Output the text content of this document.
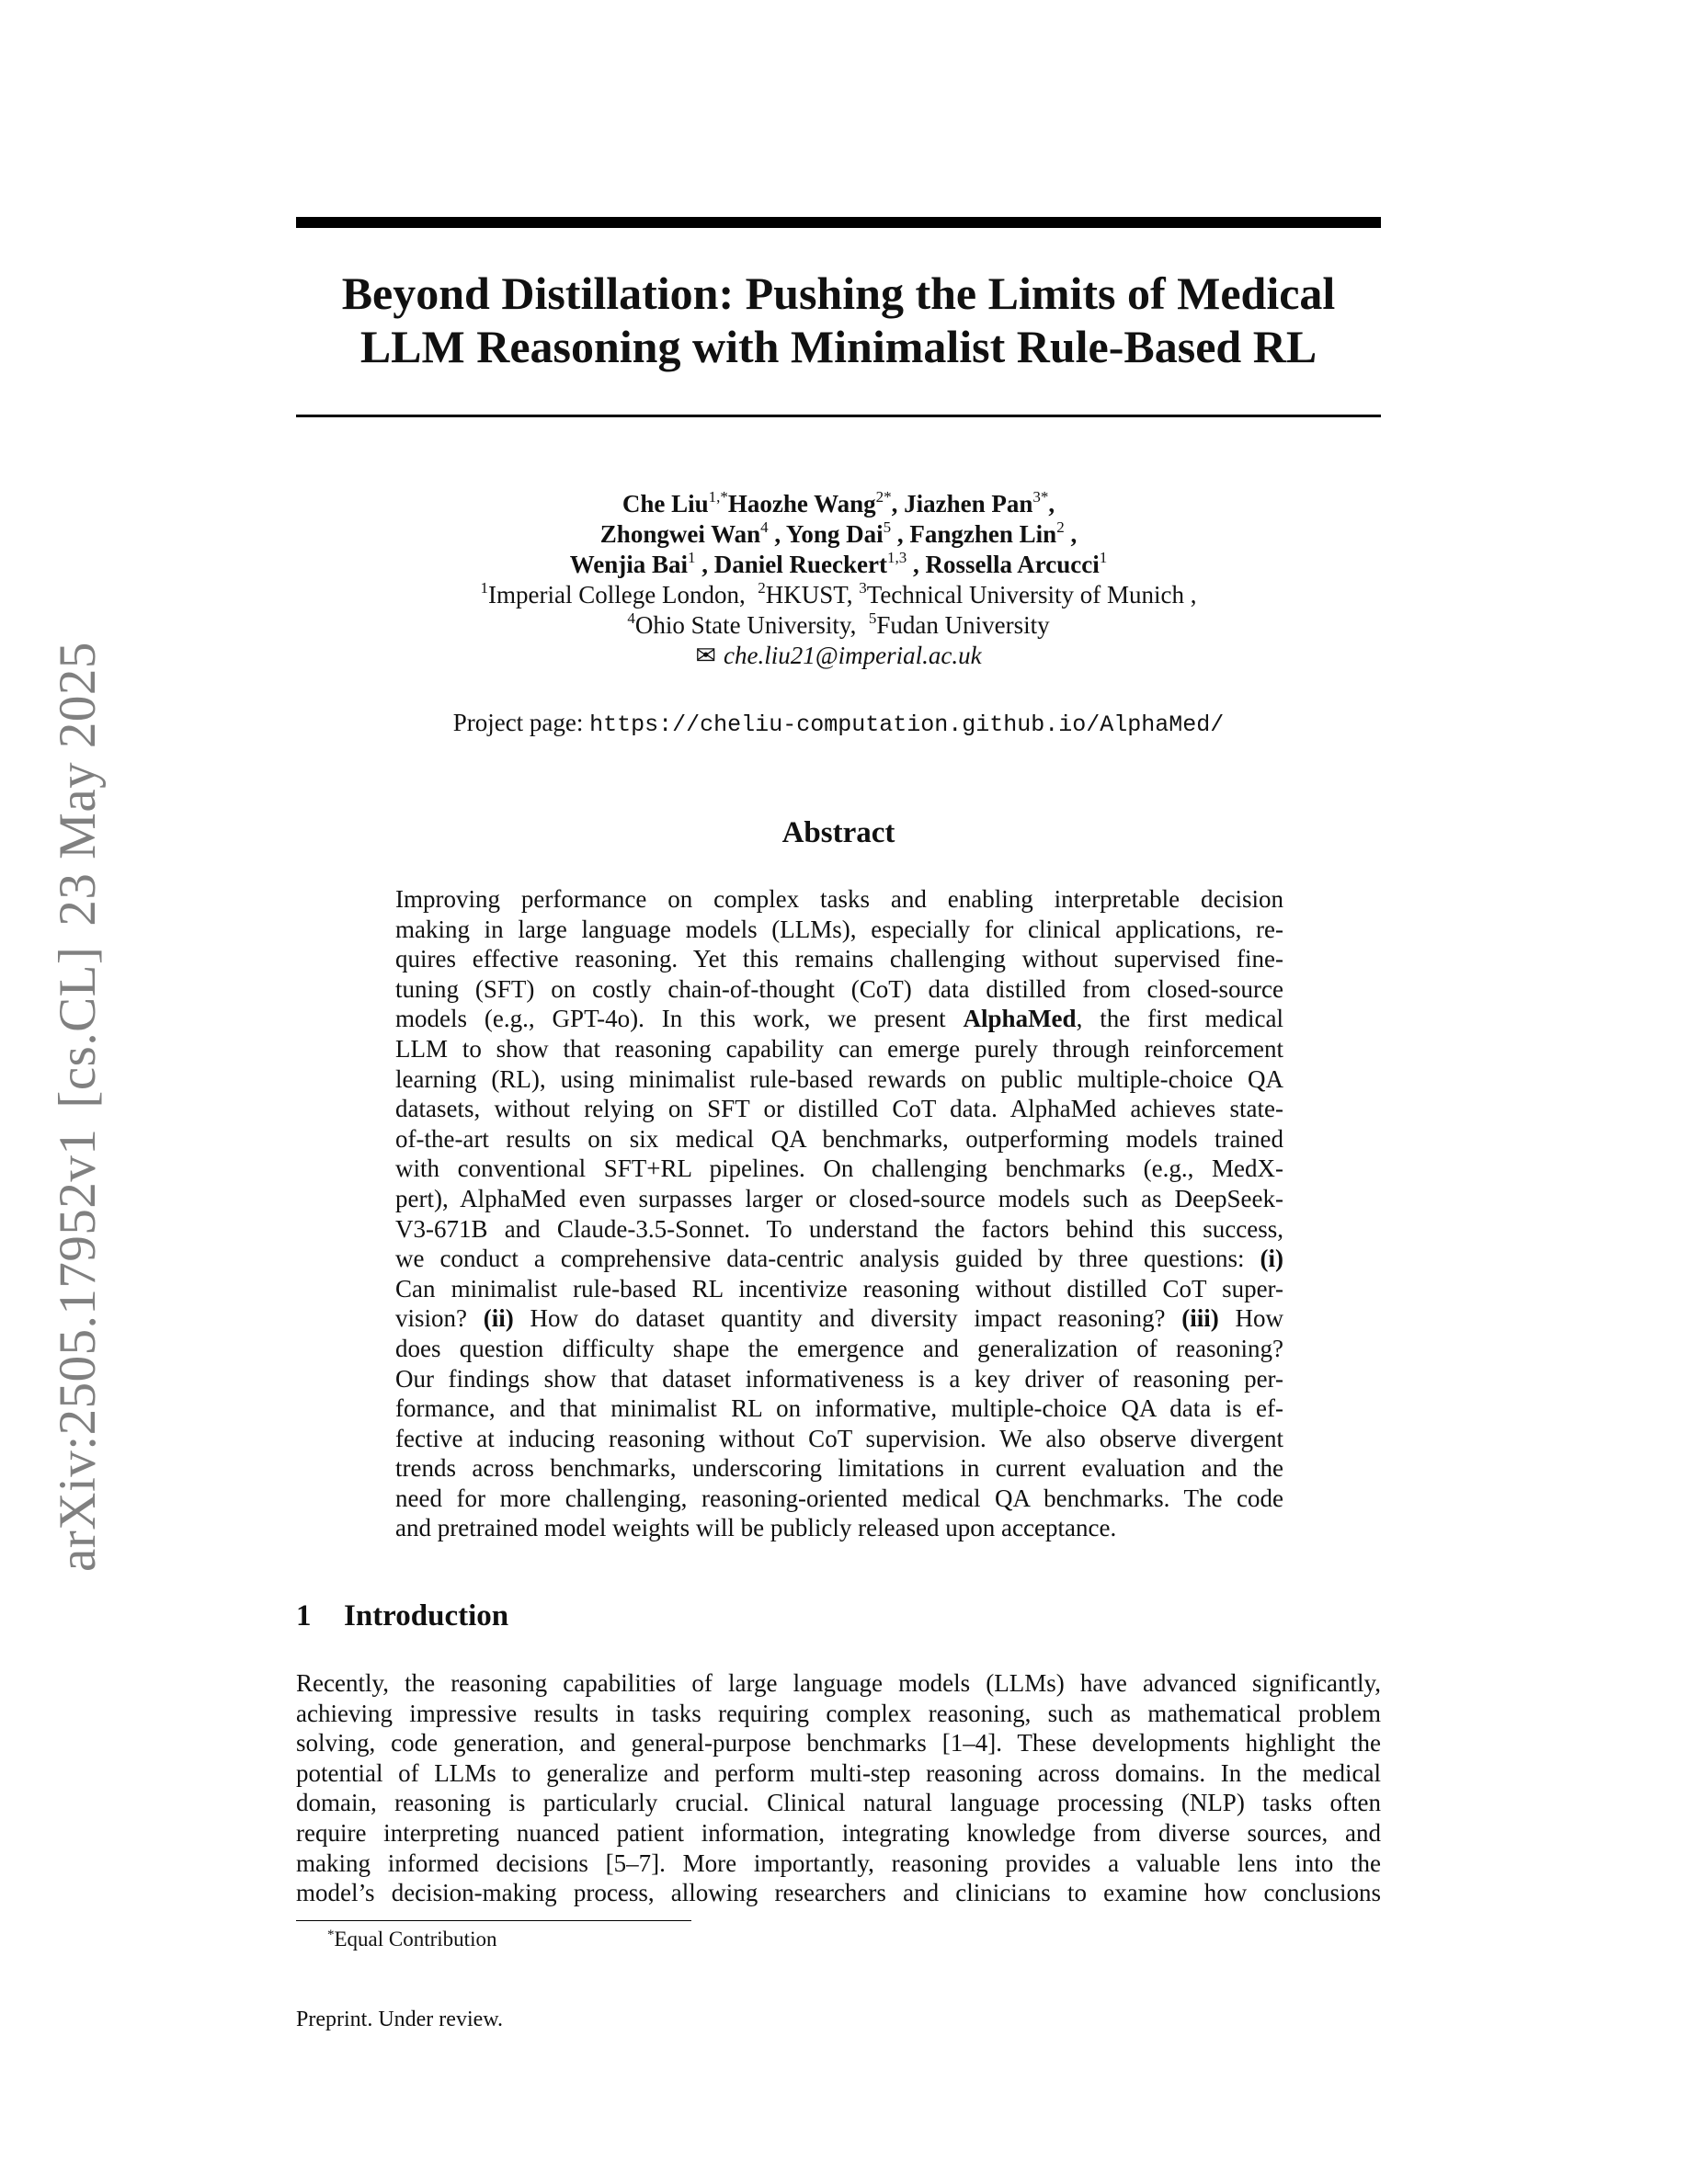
arXiv:2505.17952v1[cs.CL]23 May 2025
Beyond Distillation: Pushing the Limits of Medical
LLM Reasoning with Minimalist Rule-Based RL
Che Liu$^{1,*}$Haozhe Wang$^{2*}$, Jiazhen Pan$^{3*}$,
Zhongwei Wan$^4$ , Yong Dai$^5$ , Fangzhen Lin$^2$ ,
Wenjia Bai$^1$ , Daniel Rueckert$^{1,3}$ , Rossella Arcucci$^1$
$^1$Imperial College London, $^2$HKUST, $^3$Technical University of Munich ,
$^4$Ohio State University, $^5$Fudan University
✉ che.liu21@imperial.ac.uk
Project page: https://cheliu-computation.github.io/AlphaMed/
Abstract
Improving performance on complex tasks and enabling interpretable decision
making in large language models (LLMs), especially for clinical applications, re-
quires effective reasoning. Yet this remains challenging without supervised fine-
tuning (SFT) on costly chain-of-thought (CoT) data distilled from closed-source
models (e.g., GPT-4o). In this work, we present AlphaMed, the first medical
LLM to show that reasoning capability can emerge purely through reinforcement
learning (RL), using minimalist rule-based rewards on public multiple-choice QA
datasets, without relying on SFT or distilled CoT data. AlphaMed achieves state-
of-the-art results on six medical QA benchmarks, outperforming models trained
with conventional SFT+RL pipelines. On challenging benchmarks (e.g., MedX-
pert), AlphaMed even surpasses larger or closed-source models such as DeepSeek-
V3-671B and Claude-3.5-Sonnet. To understand the factors behind this success,
we conduct a comprehensive data-centric analysis guided by three questions: (i)
Can minimalist rule-based RL incentivize reasoning without distilled CoT super-
vision? (ii) How do dataset quantity and diversity impact reasoning? (iii) How
does question difficulty shape the emergence and generalization of reasoning?
Our findings show that dataset informativeness is a key driver of reasoning per-
formance, and that minimalist RL on informative, multiple-choice QA data is ef-
fective at inducing reasoning without CoT supervision. We also observe divergent
trends across benchmarks, underscoring limitations in current evaluation and the
need for more challenging, reasoning-oriented medical QA benchmarks. The code
and pretrained model weights will be publicly released upon acceptance.
1 Introduction
Recently, the reasoning capabilities of large language models (LLMs) have advanced significantly,
achieving impressive results in tasks requiring complex reasoning, such as mathematical problem
solving, code generation, and general-purpose benchmarks [1–4]. These developments highlight the
potential of LLMs to generalize and perform multi-step reasoning across domains. In the medical
domain, reasoning is particularly crucial. Clinical natural language processing (NLP) tasks often
require interpreting nuanced patient information, integrating knowledge from diverse sources, and
making informed decisions [5–7]. More importantly, reasoning provides a valuable lens into the
model’s decision-making process, allowing researchers and clinicians to examine how conclusions
*Equal Contribution
Preprint. Under review.
